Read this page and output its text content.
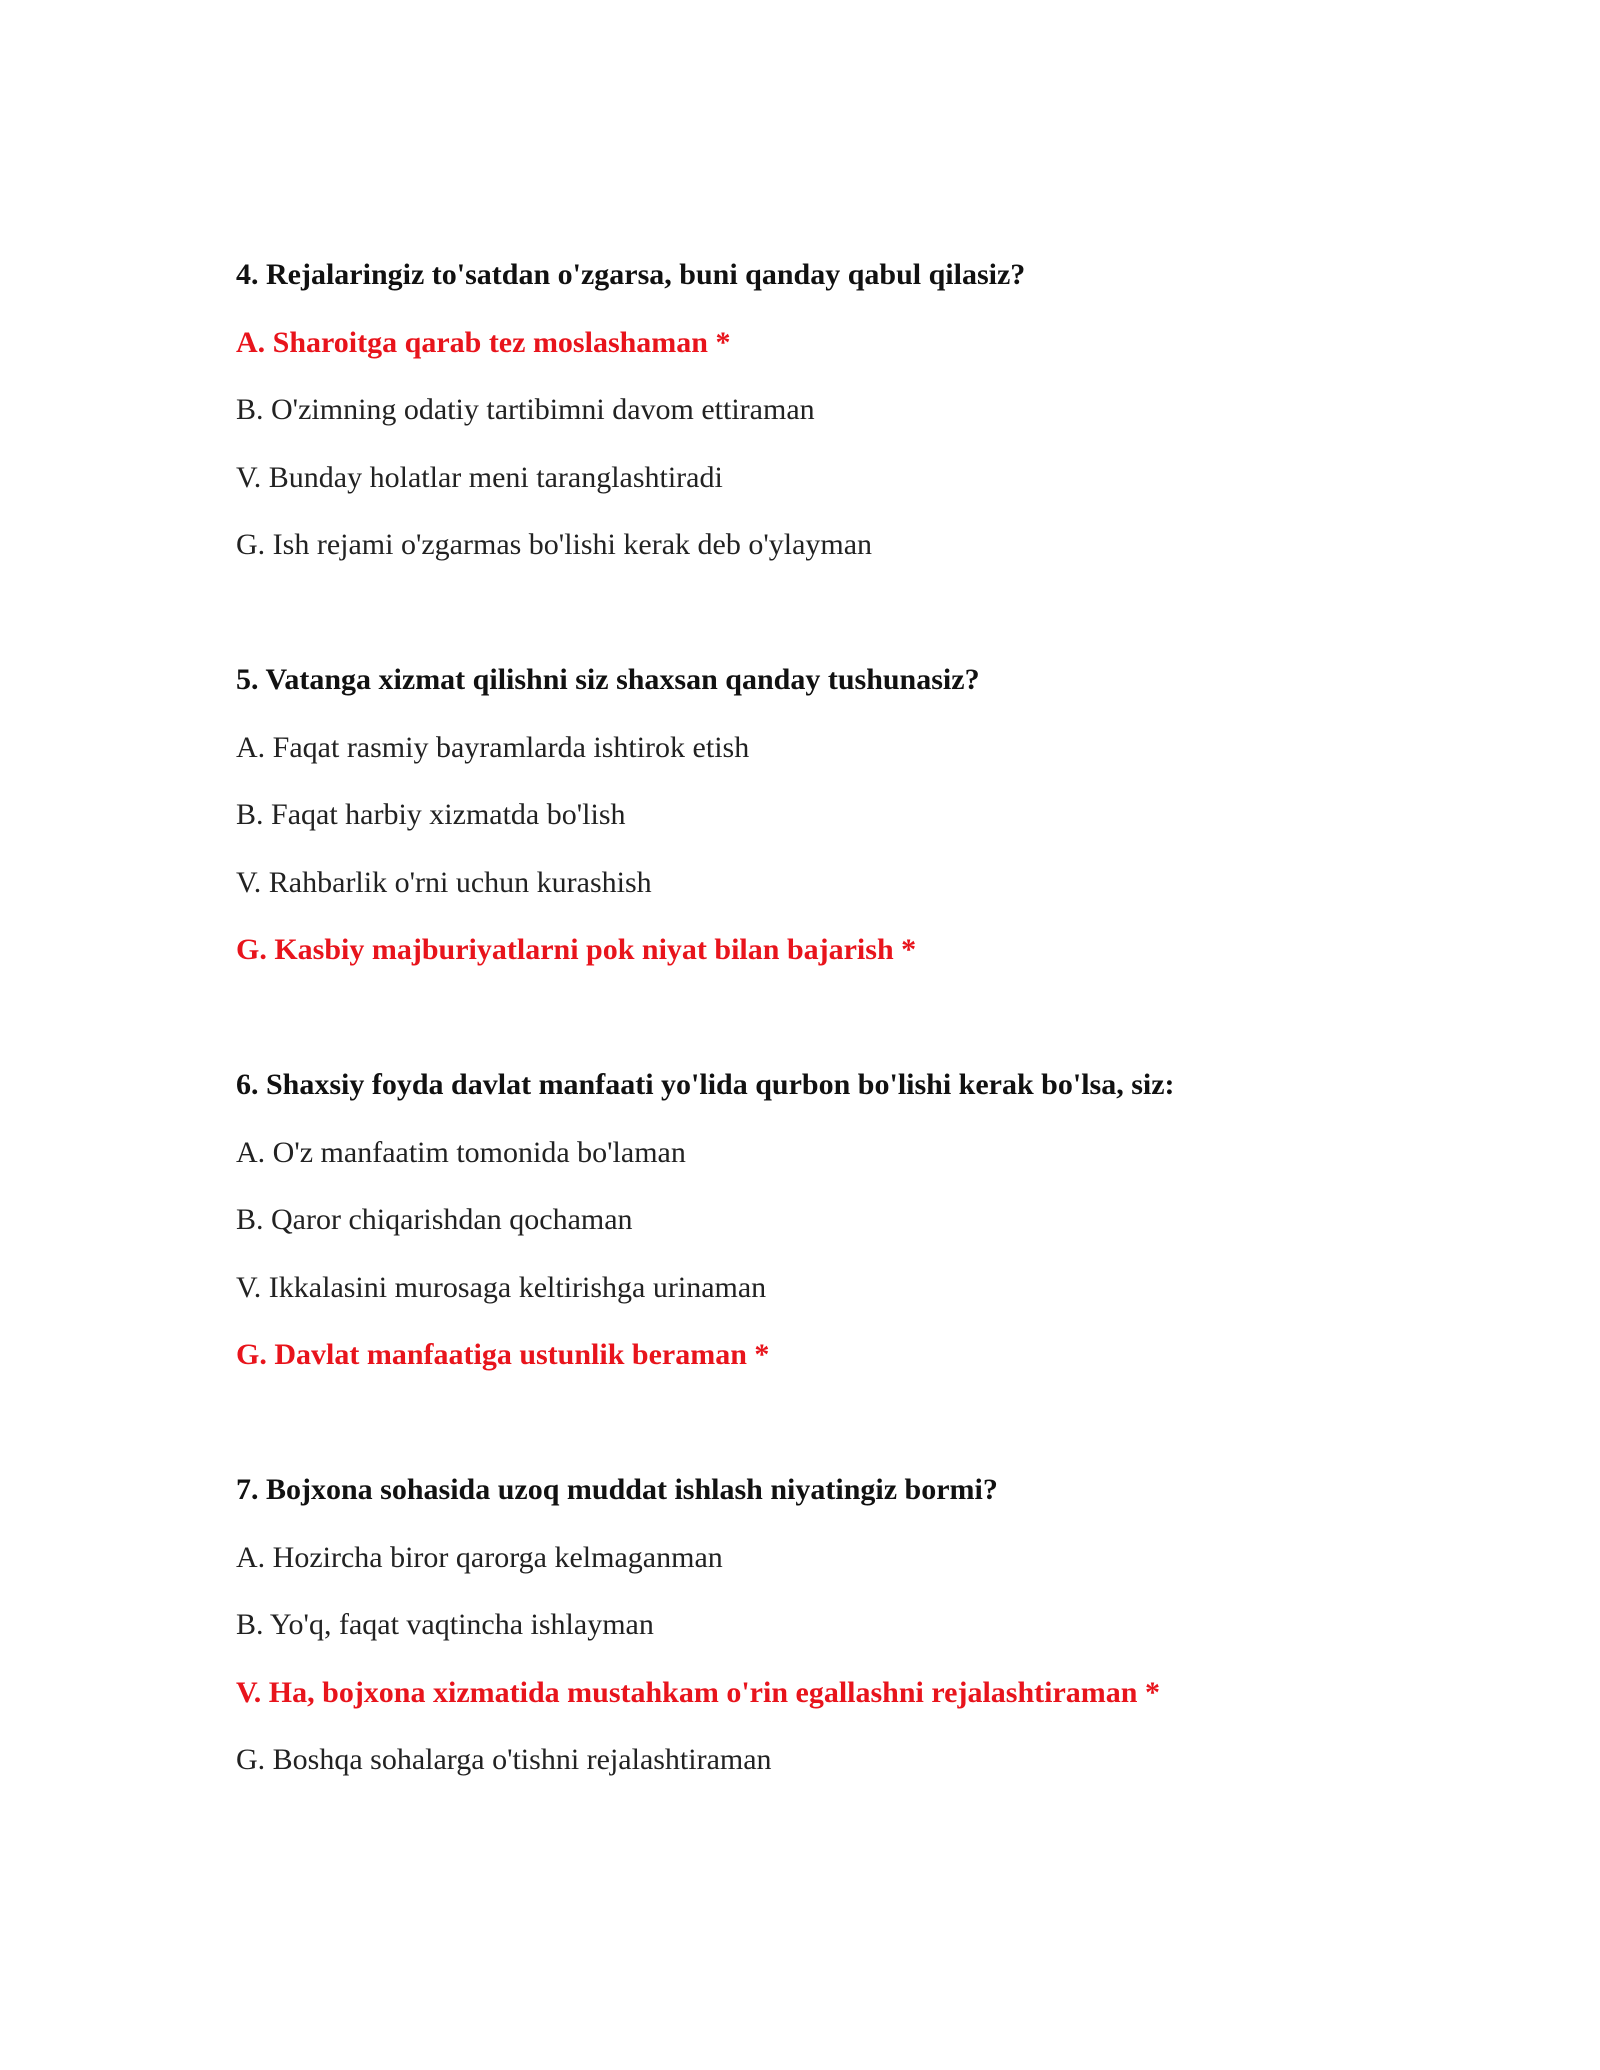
4. Rejalaringiz to'satdan o'zgarsa, buni qanday qabul qilasiz?
A. Sharoitga qarab tez moslashaman *
B. O'zimning odatiy tartibimni davom ettiraman
V. Bunday holatlar meni taranglashtiradi
G. Ish rejami o'zgarmas bo'lishi kerak deb o'ylayman
5. Vatanga xizmat qilishni siz shaxsan qanday tushunasiz?
A. Faqat rasmiy bayramlarda ishtirok etish
B. Faqat harbiy xizmatda bo'lish
V. Rahbarlik o'rni uchun kurashish
G. Kasbiy majburiyatlarni pok niyat bilan bajarish *
6. Shaxsiy foyda davlat manfaati yo'lida qurbon bo'lishi kerak bo'lsa, siz:
A. O'z manfaatim tomonida bo'laman
B. Qaror chiqarishdan qochaman
V. Ikkalasini murosaga keltirishga urinaman
G. Davlat manfaatiga ustunlik beraman *
7. Bojxona sohasida uzoq muddat ishlash niyatingiz bormi?
A. Hozircha biror qarorga kelmaganman
B. Yo'q, faqat vaqtincha ishlayman
V. Ha, bojxona xizmatida mustahkam o'rin egallashni rejalashtiraman *
G. Boshqa sohalarga o'tishni rejalashtiraman
